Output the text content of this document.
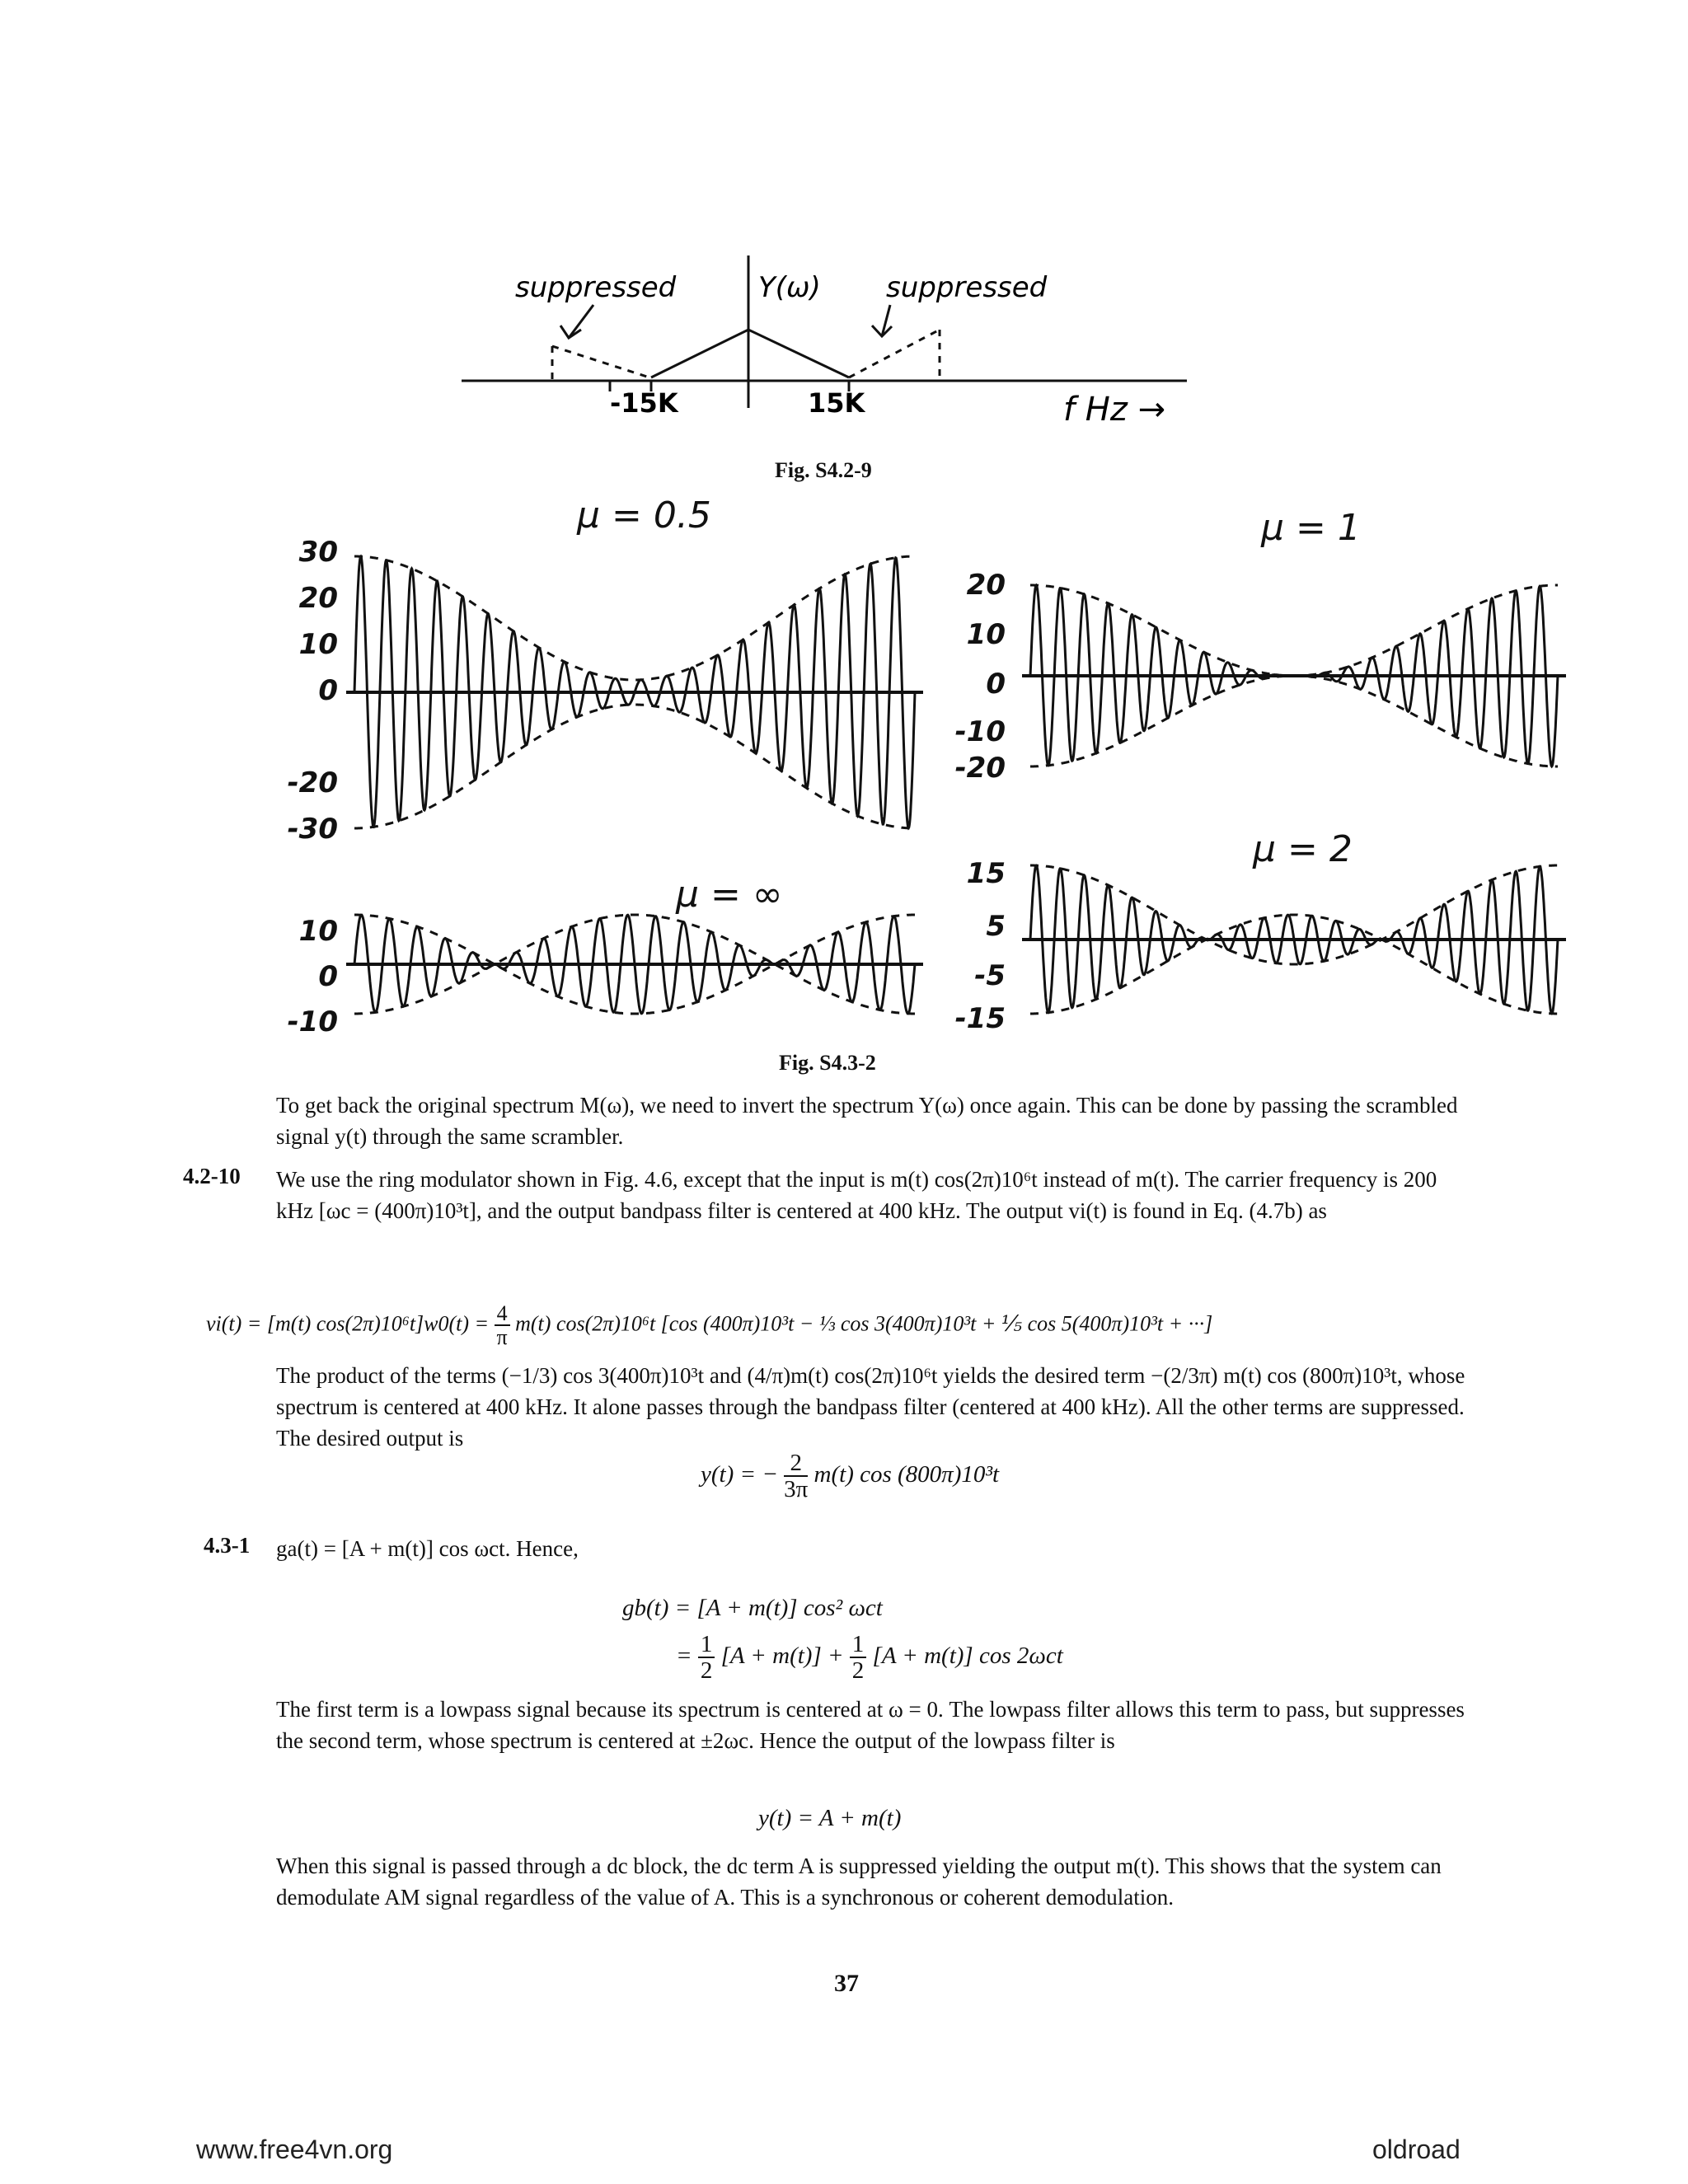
suppressed	Y(ω) suppressed
-15K	15K	f Hz →
Fig. S4.2-9
μ = 0.5
30
20
10
0
-20
-30
μ = 1
20
10
0
-10
-20
μ = ∞
10
0
-10
μ = 2
15
5
-5
-15
Fig. S4.3-2
To get back the original spectrum M(ω), we need to invert the spectrum Y(ω) once again. This can be done by passing the scrambled signal y(t) through the same scrambler.
4.2-10 We use the ring modulator shown in Fig. 4.6, except that the input is m(t) cos(2π)10⁶t instead of m(t). The carrier frequency is 200 kHz [ωc = (400π)10³t], and the output bandpass filter is centered at 400 kHz. The output vi(t) is found in Eq. (4.7b) as
vi(t) = [m(t) $\cos(2\pi)10^6t]w0(t) = \frac{4}{\pi} m(t)$ cos(2π)10⁶t [cos (400π)10³t − ⅓ cos 3(400π)10³t + ⅕ cos 5(400π)10³t + ···]
The product of the terms (−1/3) cos 3(400π)10³t and (4/π)m(t) cos(2π)10⁶t yields the desired term −(2/3π) m(t) cos (800π)10³t, whose spectrum is centered at 400 kHz. It alone passes through the bandpass filter (centered at 400 kHz). All the other terms are suppressed. The desired output is
y(t) = − $\frac{2}{3\pi} m(t)$ cos (800π)10³t
4.3-1 ga(t) = [A + m(t)] cos ωct. Hence,
gb(t) = [A + m(t)] cos² ωct
= $\frac{1}{2} [A + m(t)] + \frac{1}{2} [A + m(t)]$ cos 2ωct
The first term is a lowpass signal because its spectrum is centered at ω = 0. The lowpass filter allows this term to pass, but suppresses the second term, whose spectrum is centered at ±2ωc. Hence the output of the lowpass filter is
y(t) = A + m(t)
When this signal is passed through a dc block, the dc term A is suppressed yielding the output m(t). This shows that the system can demodulate AM signal regardless of the value of A. This is a synchronous or coherent demodulation.
37
www.free4vn.org	oldroad
